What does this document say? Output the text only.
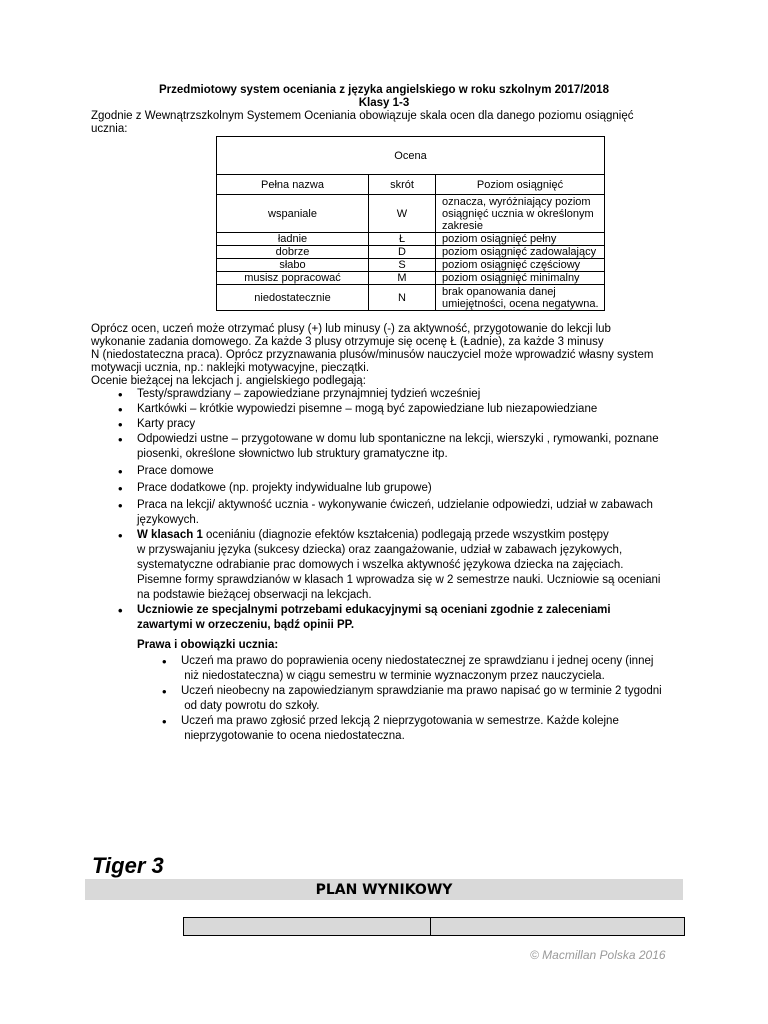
Przedmiotowy system oceniania z języka angielskiego w roku szkolnym 2017/2018
Klasy 1-3
Zgodnie z Wewnątrzszkolnym Systemem Oceniania obowiązuje skala ocen dla danego poziomu osiągnięć
ucznia:
Ocena		
Pełna nazwa	skrót	Poziom osiągnięć
wspaniale	W	oznacza, wyróżniający poziom
osiągnięć ucznia w określonym
zakresie

ładnie	Ł	poziom osiągnięć pełny
dobrze	D	poziom osiągnięć zadowalający
słabo	S	poziom osiągnięć częściowy
musisz popracować	M	poziom osiągnięć minimalny
niedostatecznie	N	brak opanowania danej
umiejętności, ocena negatywna.
Oprócz ocen, uczeń może otrzymać plusy (+) lub minusy (-) za aktywność, przygotowanie do lekcji lub
wykonanie zadania domowego. Za każde 3 plusy otrzymuje się ocenę Ł (Ładnie), za każde 3 minusy
N (niedostateczna praca). Oprócz przyznawania plusów/minusów nauczyciel może wprowadzić własny system
motywacji ucznia, np.: naklejki motywacyjne, pieczątki.
Ocenie bieżącej na lekcjach j. angielskiego podlegają:
• Testy/sprawdziany – zapowiedziane przynajmniej tydzień wcześniej
• Kartkówki – krótkie wypowiedzi pisemne – mogą być zapowiedziane lub niezapowiedziane
• Karty pracy
• Odpowiedzi ustne – przygotowane w domu lub spontaniczne na lekcji, wierszyki , rymowanki, poznane
piosenki, określone słownictwo lub struktury gramatyczne itp.
• Prace domowe
• Prace dodatkowe (np. projekty indywidualne lub grupowe)
• Praca na lekcji/ aktywność ucznia - wykonywanie ćwiczeń, udzielanie odpowiedzi, udział w zabawach
językowych.
• W klasach 1 oceniániu (diagnozie efektów kształcenia) podlegają przede wszystkim postępy
w przyswajaniu języka (sukcesy dziecka) oraz zaangażowanie, udział w zabawach językowych,
systematyczne odrabianie prac domowych i wszelka aktywność językowa dziecka na zajęciach.
Pisemne formy sprawdzianów w klasach 1 wprowadza się w 2 semestrze nauki. Uczniowie są oceniani
na podstawie bieżącej obserwacji na lekcjach.
• Uczniowie ze specjalnymi potrzebami edukacyjnymi są oceniani zgodnie z zaleceniami
zawartymi w orzeczeniu, bądź opinii PP.
Prawa i obowiązki ucznia:
• Uczeń ma prawo do poprawienia oceny niedostatecznej ze sprawdzianu i jednej oceny (innej
niż niedostateczna) w ciągu semestru w terminie wyznaczonym przez nauczyciela.
• Uczeń nieobecny na zapowiedzianym sprawdzianie ma prawo napisać go w terminie 2 tygodni
od daty powrotu do szkoły.
• Uczeń ma prawo zgłosić przed lekcją 2 nieprzygotowania w semestrze. Każde kolejne
nieprzygotowanie to ocena niedostateczna.
Tiger 3
PLAN WYNIKOWY
© Macmillan Polska 2016
